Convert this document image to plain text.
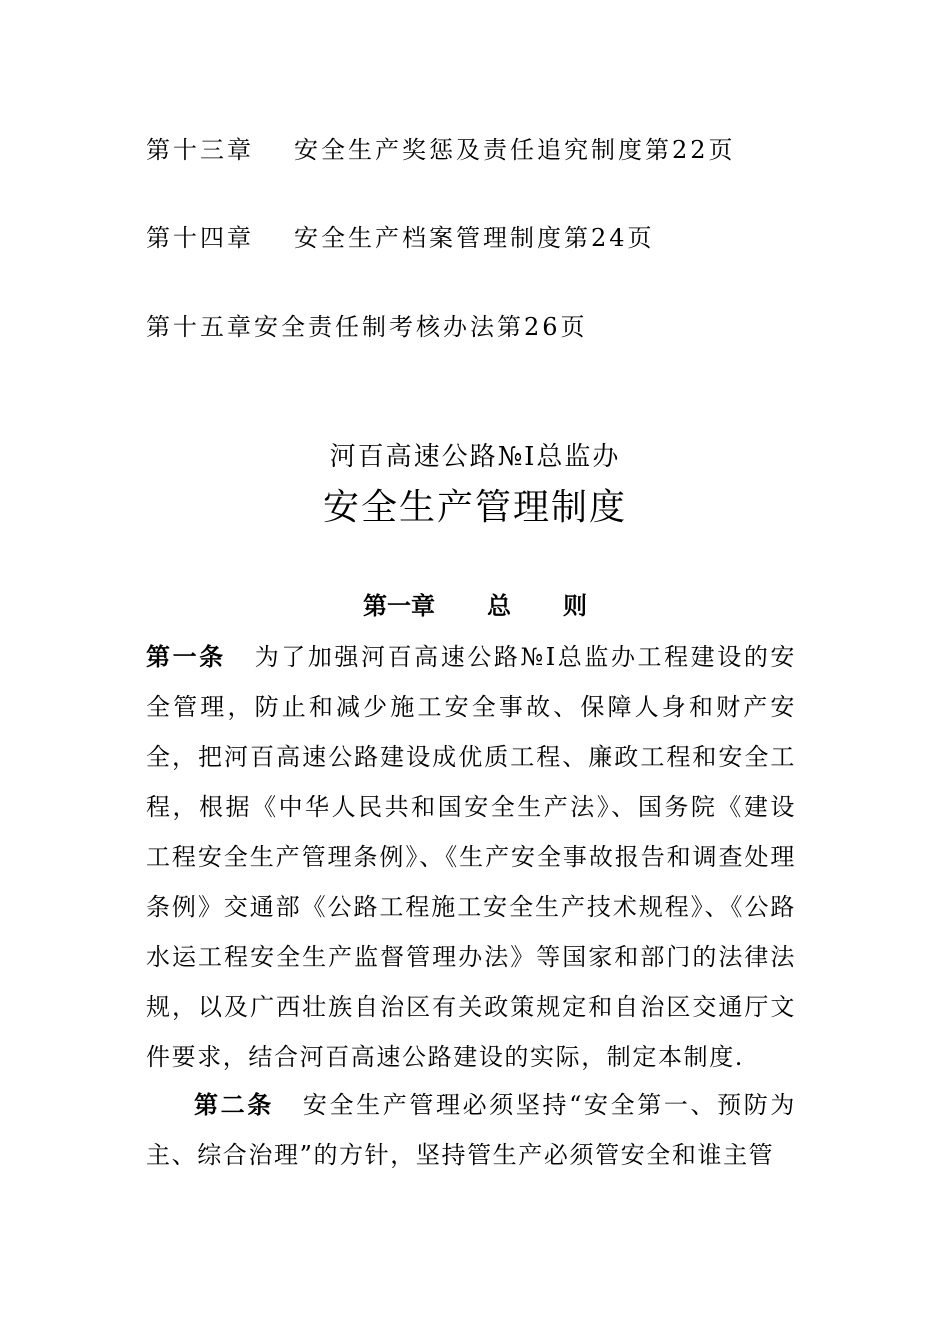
第十三章 安全生产奖惩及责任追究制度第22页
第十四章 安全生产档案管理制度第24页
第十五章安全责任制考核办法第26页
河百高速公路№Ⅰ总监办
安全生产管理制度
第一章 总 则
第一条 为了加强河百高速公路№Ⅰ总监办工程建设的安全管理，防止和减少施工安全事故、保障人身和财产安全，把河百高速公路建设成优质工程、廉政工程和安全工程，根据《中华人民共和国安全生产法》、国务院《建设工程安全生产管理条例》、《生产安全事故报告和调查处理条例》交通部《公路工程施工安全生产技术规程》、《公路水运工程安全生产监督管理办法》等国家和部门的法律法规，以及广西壮族自治区有关政策规定和自治区交通厅文件要求，结合河百高速公路建设的实际，制定本制度.
第二条 安全生产管理必须坚持“安全第一、预防为主、综合治理”的方针，坚持管生产必须管安全和谁主管
